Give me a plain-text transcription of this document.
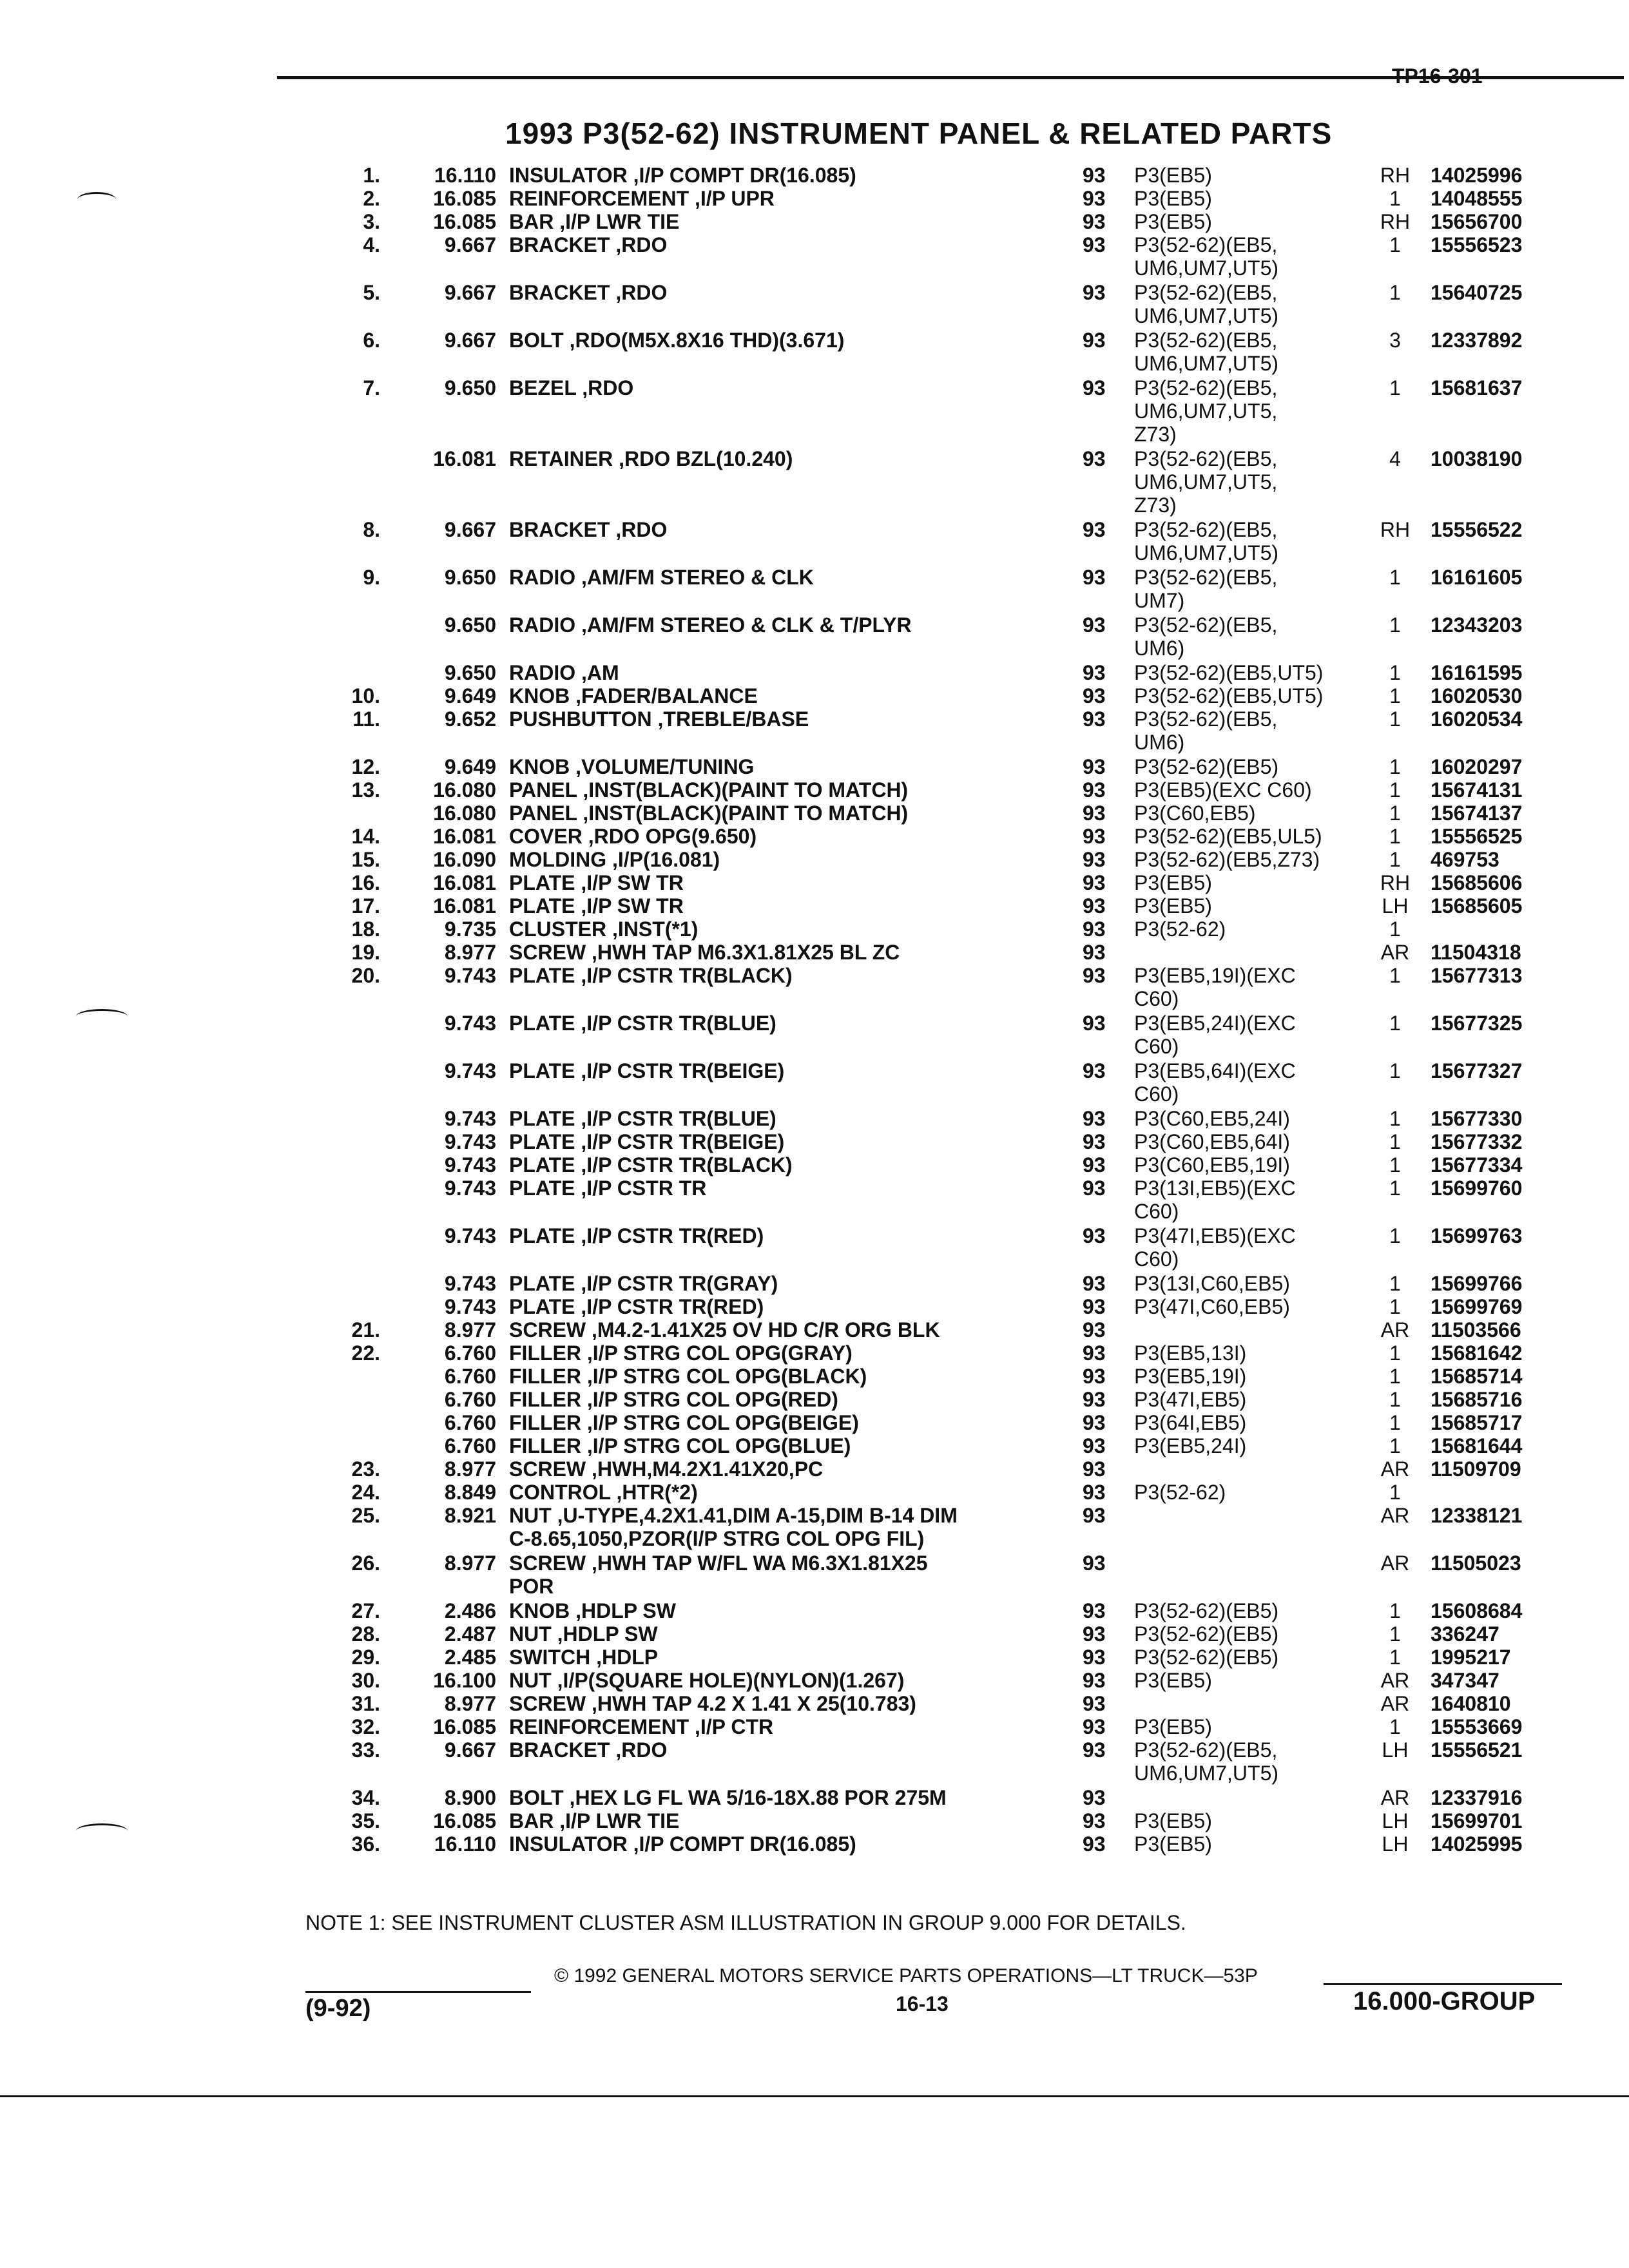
TP16-301
1993 P3(52-62) INSTRUMENT PANEL & RELATED PARTS
1.	16.110 INSULATOR ,I/P COMPT DR(16.085)	93 P3(EB5)	RH 14025996
2.	16.085 REINFORCEMENT ,I/P UPR	93 P3(EB5)	1	14048555
3.	16.085 BAR ,I/P LWR TIE	93 P3(EB5)	RH 15656700
4.	9.667 BRACKET ,RDO	93 P3(52-62)(EB5,
UM6,UM7,UT5)
1	15556523
5.	9.667 BRACKET ,RDO	93 P3(52-62)(EB5,
UM6,UM7,UT5)
1	15640725
6.	9.667 BOLT ,RDO(M5X.8X16 THD)(3.671)	93 P3(52-62)(EB5,
UM6,UM7,UT5)
3	12337892
7.	9.650 BEZEL ,RDO	93 P3(52-62)(EB5,
UM6,UM7,UT5,
Z73)
1	15681637
16.081 RETAINER ,RDO BZL(10.240)	93 P3(52-62)(EB5,
UM6,UM7,UT5,
Z73)
4	10038190
8.	9.667 BRACKET ,RDO	93 P3(52-62)(EB5,
UM6,UM7,UT5)
RH 15556522
9.	9.650 RADIO ,AM/FM STEREO & CLK	93 P3(52-62)(EB5,
UM7)
1	16161605
9.650 RADIO ,AM/FM STEREO & CLK & T/PLYR	93 P3(52-62)(EB5,
UM6)
1	12343203
9.650 RADIO ,AM	93 P3(52-62)(EB5,UT5)	1	16161595
10.	9.649 KNOB ,FADER/BALANCE	93 P3(52-62)(EB5,UT5)	1	16020530
11.	9.652 PUSHBUTTON ,TREBLE/BASE	93 P3(52-62)(EB5,
UM6)
1	16020534
12.	9.649 KNOB ,VOLUME/TUNING	93 P3(52-62)(EB5)	1	16020297
13.	16.080 PANEL ,INST(BLACK)(PAINT TO MATCH)	93 P3(EB5)(EXC C60)	1	15674131
16.080 PANEL ,INST(BLACK)(PAINT TO MATCH)	93 P3(C60,EB5)	1	15674137
14.	16.081 COVER ,RDO OPG(9.650)	93 P3(52-62)(EB5,UL5)	1	15556525
15.	16.090 MOLDING ,I/P(16.081)	93 P3(52-62)(EB5,Z73)	1	469753
16.	16.081 PLATE ,I/P SW TR	93 P3(EB5)	RH 15685606
17.	16.081 PLATE ,I/P SW TR	93 P3(EB5)	LH	15685605
18.	9.735 CLUSTER ,INST(*1)	93 P3(52-62)	1
19.	8.977 SCREW ,HWH TAP M6.3X1.81X25 BL ZC	93	AR	11504318
20.	9.743 PLATE ,I/P CSTR TR(BLACK)	93 P3(EB5,19I)(EXC
C60)
1	15677313
9.743 PLATE ,I/P CSTR TR(BLUE)	93 P3(EB5,24I)(EXC
C60)
1	15677325
9.743 PLATE ,I/P CSTR TR(BEIGE)	93 P3(EB5,64I)(EXC
C60)
1	15677327
9.743 PLATE ,I/P CSTR TR(BLUE)	93 P3(C60,EB5,24I)	1	15677330
9.743 PLATE ,I/P CSTR TR(BEIGE)	93 P3(C60,EB5,64I)	1	15677332
9.743 PLATE ,I/P CSTR TR(BLACK)	93 P3(C60,EB5,19I)	1	15677334
9.743 PLATE ,I/P CSTR TR	93 P3(13I,EB5)(EXC
C60)
1	15699760
9.743 PLATE ,I/P CSTR TR(RED)	93 P3(47I,EB5)(EXC
C60)
1	15699763
9.743 PLATE ,I/P CSTR TR(GRAY)	93 P3(13I,C60,EB5)	1	15699766
9.743 PLATE ,I/P CSTR TR(RED)	93 P3(47I,C60,EB5)	1	15699769
21.	8.977 SCREW ,M4.2-1.41X25 OV HD C/R ORG BLK	93	AR	11503566
22.	6.760 FILLER ,I/P STRG COL OPG(GRAY)	93 P3(EB5,13I)	1	15681642
6.760 FILLER ,I/P STRG COL OPG(BLACK)	93 P3(EB5,19I)	1	15685714
6.760 FILLER ,I/P STRG COL OPG(RED)	93 P3(47I,EB5)	1	15685716
6.760 FILLER ,I/P STRG COL OPG(BEIGE)	93 P3(64I,EB5)	1	15685717
6.760 FILLER ,I/P STRG COL OPG(BLUE)	93 P3(EB5,24I)	1	15681644
23.	8.977 SCREW ,HWH,M4.2X1.41X20,PC	93	AR	11509709
24.	8.849 CONTROL ,HTR(*2)	93 P3(52-62)	1
25.	8.921 NUT ,U-TYPE,4.2X1.41,DIM A-15,DIM B-14 DIM
C-8.65,1050,PZOR(I/P STRG COL OPG FIL)
93	AR	12338121
26.	8.977 SCREW ,HWH TAP W/FL WA M6.3X1.81X25
POR
93	AR	11505023
27.	2.486 KNOB ,HDLP SW	93 P3(52-62)(EB5)	1	15608684
28.	2.487 NUT ,HDLP SW	93 P3(52-62)(EB5)	1	336247
29.	2.485 SWITCH ,HDLP	93 P3(52-62)(EB5)	1	1995217
30.	16.100 NUT ,I/P(SQUARE HOLE)(NYLON)(1.267)	93 P3(EB5)	AR	347347
31.	8.977 SCREW ,HWH TAP 4.2 X 1.41 X 25(10.783)	93	AR	1640810
32.	16.085 REINFORCEMENT ,I/P CTR	93 P3(EB5)	1	15553669
33.	9.667 BRACKET ,RDO	93 P3(52-62)(EB5,
UM6,UM7,UT5)
LH	15556521
34.	8.900 BOLT ,HEX LG FL WA 5/16-18X.88 POR 275M	93	AR	12337916
35.	16.085 BAR ,I/P LWR TIE	93 P3(EB5)	LH	15699701
36.	16.110 INSULATOR ,I/P COMPT DR(16.085)	93 P3(EB5)	LH	14025995
NOTE 1: SEE INSTRUMENT CLUSTER ASM ILLUSTRATION IN GROUP 9.000 FOR DETAILS.
© 1992 GENERAL MOTORS SERVICE PARTS OPERATIONS—LT TRUCK—53P
(9-92)	16-13	16.000-GROUP
